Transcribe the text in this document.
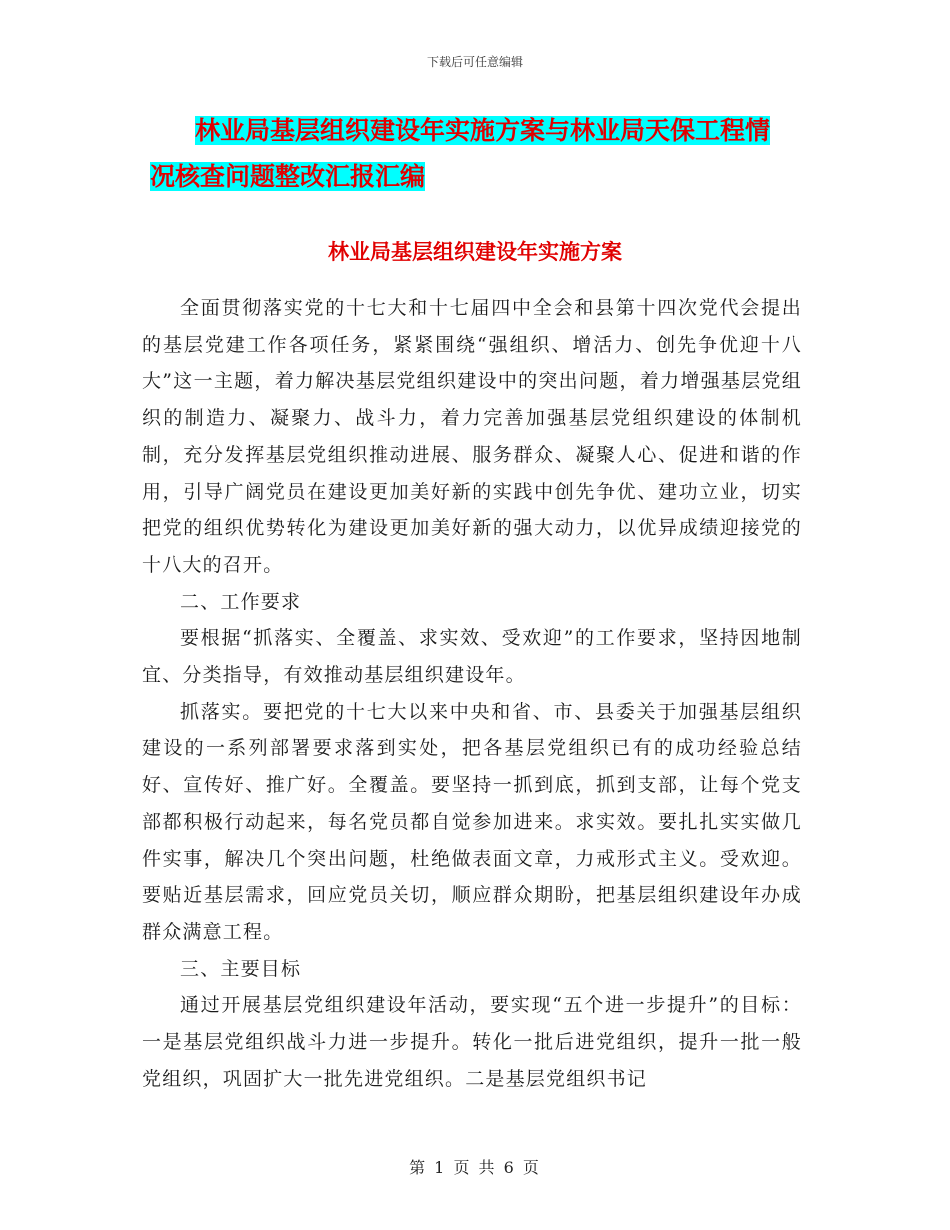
下载后可任意编辑
林业局基层组织建设年实施方案与林业局天保工程情
况核查问题整改汇报汇编
林业局基层组织建设年实施方案

全面贯彻落实党的十七大和十七届四中全会和县第十四次党代会提出的基层党建工作各项任务，紧紧围绕“强组织、增活力、创先争优迎十八大”这一主题，着力解决基层党组织建设中的突出问题，着力增强基层党组织的制造力、凝聚力、战斗力，着力完善加强基层党组织建设的体制机制，充分发挥基层党组织推动进展、服务群众、凝聚人心、促进和谐的作用，引导广阔党员在建设更加美好新的实践中创先争优、建功立业，切实把党的组织优势转化为建设更加美好新的强大动力，以优异成绩迎接党的十八大的召开。

二、工作要求

要根据“抓落实、全覆盖、求实效、受欢迎”的工作要求，坚持因地制宜、分类指导，有效推动基层组织建设年。

抓落实。要把党的十七大以来中央和省、市、县委关于加强基层组织建设的一系列部署要求落到实处，把各基层党组织已有的成功经验总结好、宣传好、推广好。全覆盖。要坚持一抓到底，抓到支部，让每个党支部都积极行动起来，每名党员都自觉参加进来。求实效。要扎扎实实做几件实事，解决几个突出问题，杜绝做表面文章，力戒形式主义。受欢迎。要贴近基层需求，回应党员关切，顺应群众期盼，把基层组织建设年办成群众满意工程。

三、主要目标

通过开展基层党组织建设年活动，要实现“五个进一步提升”的目标：一是基层党组织战斗力进一步提升。转化一批后进党组织，提升一批一般党组织，巩固扩大一批先进党组织。二是基层党组织书记

第 1 页 共 6 页
